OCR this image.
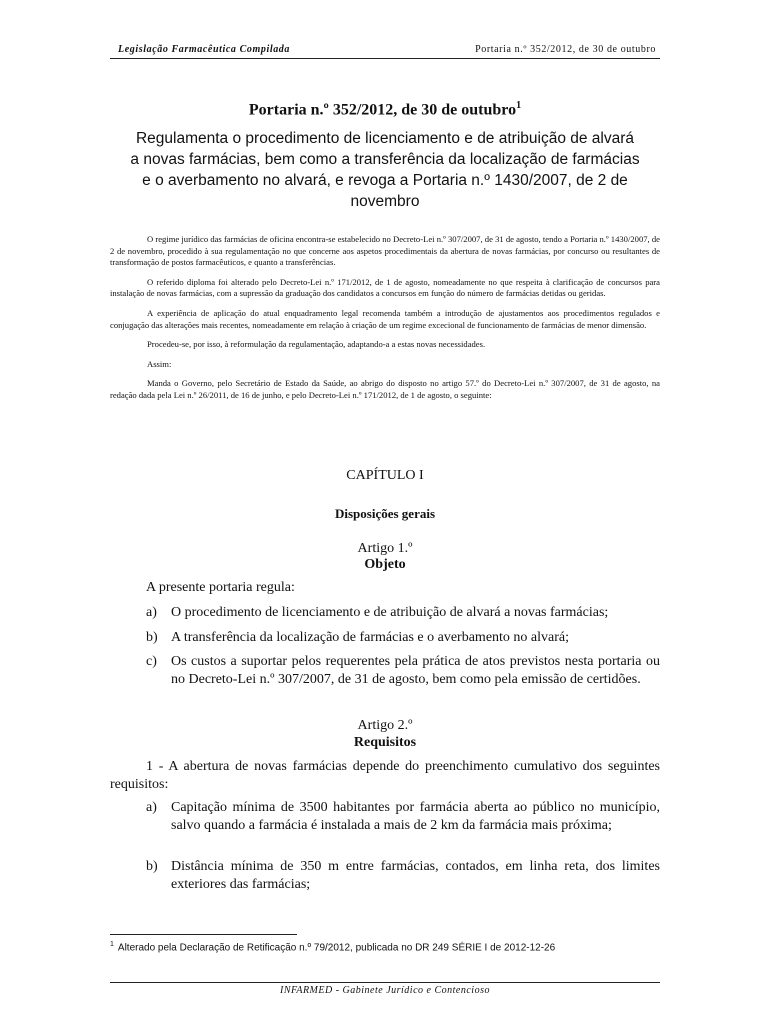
Legislação Farmacêutica Compilada	Portaria n.º 352/2012, de 30 de outubro
Portaria n.º 352/2012, de 30 de outubro$^1$
Regulamenta o procedimento de licenciamento e de atribuição de alvará a novas farmácias, bem como a transferência da localização de farmácias e o averbamento no alvará, e revoga a Portaria n.º 1430/2007, de 2 de novembro

O regime jurídico das farmácias de oficina encontra-se estabelecido no Decreto-Lei n.º 307/2007, de 31 de agosto, tendo a Portaria n.º 1430/2007, de 2 de novembro, procedido à sua regulamentação no que concerne aos aspetos procedimentais da abertura de novas farmácias, por concurso ou resultantes de transformação de postos farmacêuticos, e quanto a transferências.

O referido diploma foi alterado pelo Decreto-Lei n.º 171/2012, de 1 de agosto, nomeadamente no que respeita à clarificação de concursos para instalação de novas farmácias, com a supressão da graduação dos candidatos a concursos em função do número de farmácias detidas ou geridas.

A experiência de aplicação do atual enquadramento legal recomenda também a introdução de ajustamentos aos procedimentos regulados e conjugação das alterações mais recentes, nomeadamente em relação à criação de um regime excecional de funcionamento de farmácias de menor dimensão.

Procedeu-se, por isso, à reformulação da regulamentação, adaptando-a a estas novas necessidades.

Assim:

Manda o Governo, pelo Secretário de Estado da Saúde, ao abrigo do disposto no artigo 57.º do Decreto-Lei n.º 307/2007, de 31 de agosto, na redação dada pela Lei n.º 26/2011, de 16 de junho, e pelo Decreto-Lei n.º 171/2012, de 1 de agosto, o seguinte:

CAPÍTULO I
Disposições gerais
Artigo 1.º
Objeto
A presente portaria regula:
a) O procedimento de licenciamento e de atribuição de alvará a novas farmácias;
b) A transferência da localização de farmácias e o averbamento no alvará;
c) Os custos a suportar pelos requerentes pela prática de atos previstos nesta portaria ou no Decreto-Lei n.º 307/2007, de 31 de agosto, bem como pela emissão de certidões.
Artigo 2.º
Requisitos
1 - A abertura de novas farmácias depende do preenchimento cumulativo dos seguintes requisitos:
a) Capitação mínima de 3500 habitantes por farmácia aberta ao público no município, salvo quando a farmácia é instalada a mais de 2 km da farmácia mais próxima;
b) Distância mínima de 350 m entre farmácias, contados, em linha reta, dos limites exteriores das farmácias;
$^1$ Alterado pela Declaração de Retificação n.º 79/2012, publicada no DR 249 SÉRIE I de 2012-12-26
INFARMED - Gabinete Jurídico e Contencioso
